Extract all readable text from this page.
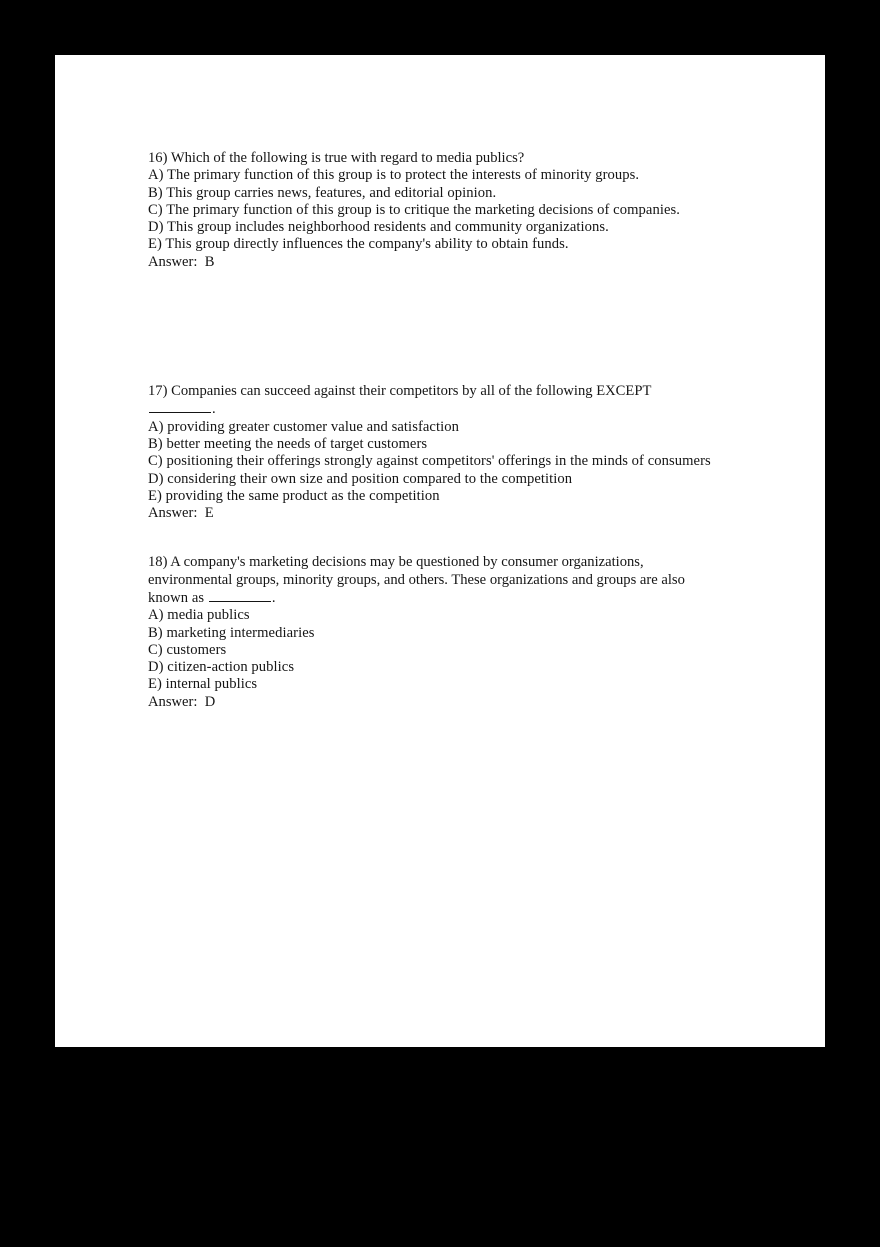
16) Which of the following is true with regard to media publics?
A) The primary function of this group is to protect the interests of minority groups.
B) This group carries news, features, and editorial opinion.
C) The primary function of this group is to critique the marketing decisions of companies.
D) This group includes neighborhood residents and community organizations.
E) This group directly influences the company's ability to obtain funds.
Answer:  B
17) Companies can succeed against their competitors by all of the following EXCEPT
.
A) providing greater customer value and satisfaction
B) better meeting the needs of target customers
C) positioning their offerings strongly against competitors' offerings in the minds of consumers
D) considering their own size and position compared to the competition
E) providing the same product as the competition
Answer:  E
18) A company's marketing decisions may be questioned by consumer organizations,
environmental groups, minority groups, and others. These organizations and groups are also
known as	.
A) media publics
B) marketing intermediaries
C) customers
D) citizen-action publics
E) internal publics
Answer:  D
